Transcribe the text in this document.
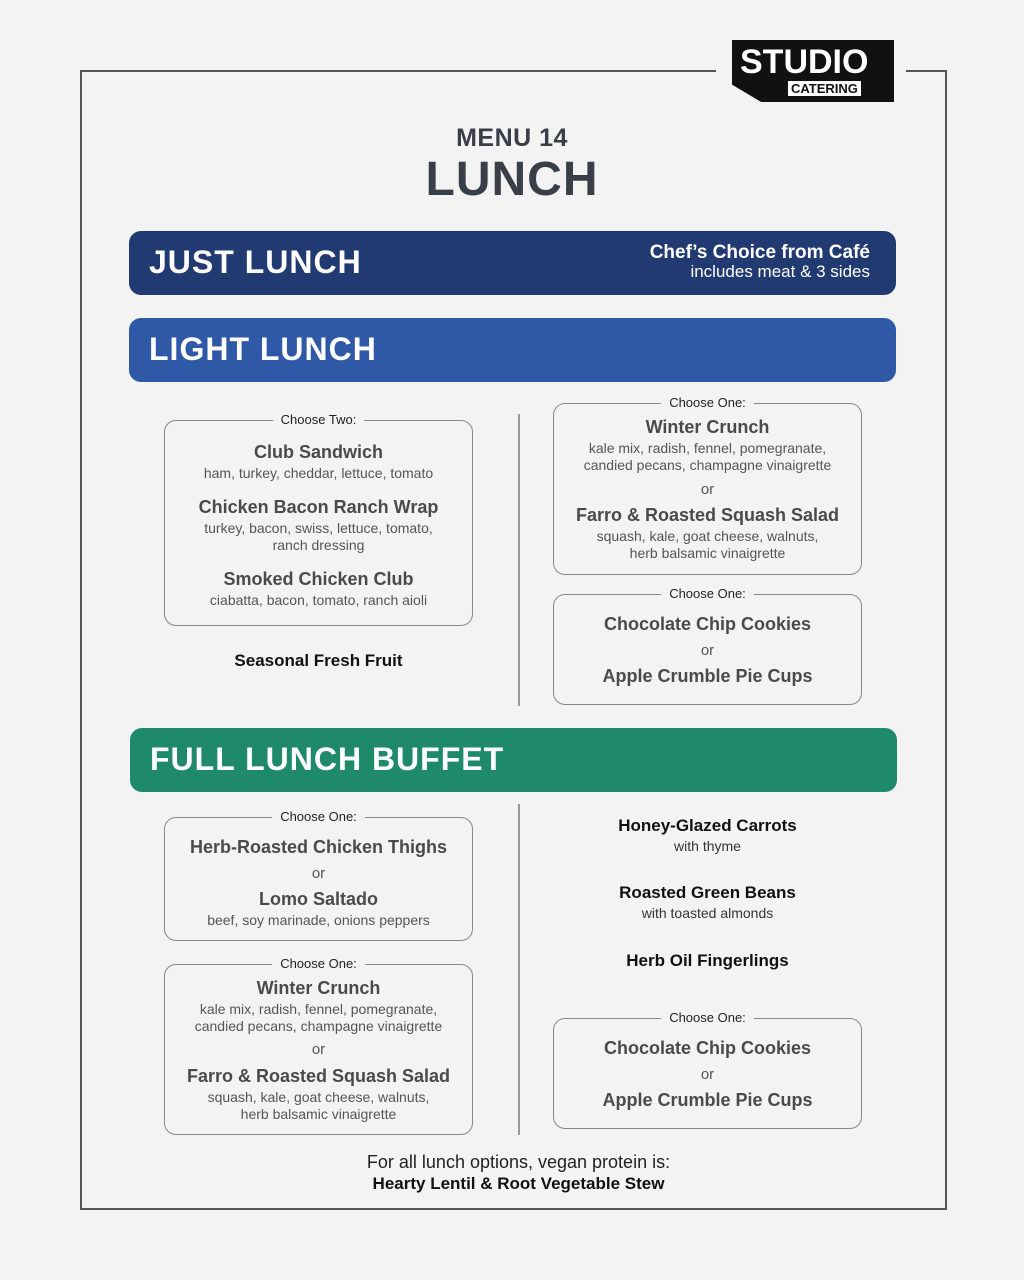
STUDIO
CATERING
MENU 14
LUNCH
JUST LUNCH	Chef’s Choice from Café
includes meat & 3 sides
LIGHT LUNCH
Choose Two:
Club Sandwich
ham, turkey, cheddar, lettuce, tomato
Chicken Bacon Ranch Wrap
turkey, bacon, swiss, lettuce, tomato,
ranch dressing
Smoked Chicken Club
ciabatta, bacon, tomato, ranch aioli
Seasonal Fresh Fruit
Choose One:
Winter Crunch
kale mix, radish, fennel, pomegranate,
candied pecans, champagne vinaigrette
or
Farro & Roasted Squash Salad
squash, kale, goat cheese, walnuts,
herb balsamic vinaigrette
Choose One:
Chocolate Chip Cookies
or
Apple Crumble Pie Cups
FULL LUNCH BUFFET
Choose One:
Herb-Roasted Chicken Thighs
or
Lomo Saltado
beef, soy marinade, onions peppers
Choose One:
Winter Crunch
kale mix, radish, fennel, pomegranate,
candied pecans, champagne vinaigrette
or
Farro & Roasted Squash Salad
squash, kale, goat cheese, walnuts,
herb balsamic vinaigrette
Honey-Glazed Carrots
with thyme
Roasted Green Beans
with toasted almonds
Herb Oil Fingerlings
Choose One:
Chocolate Chip Cookies
or
Apple Crumble Pie Cups
For all lunch options, vegan protein is:
Hearty Lentil & Root Vegetable Stew
